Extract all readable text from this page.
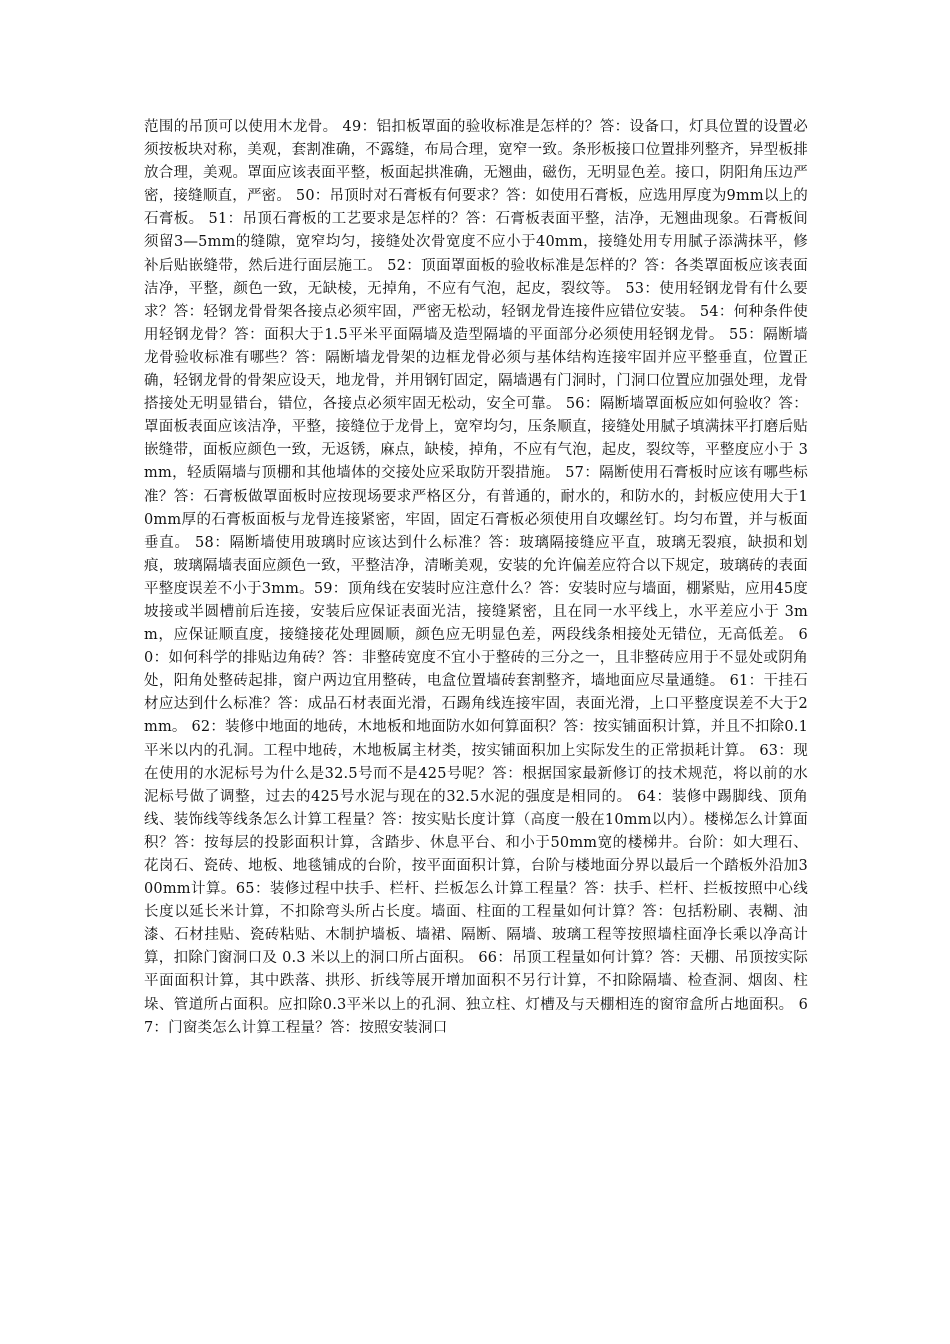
范围的吊顶可以使用木龙骨。 49：铝扣板罩面的验收标准是怎样的？答：设备口，灯具位置的设置必须按板块对称，美观，套割准确，不露缝，布局合理，宽窄一致。条形板接口位置排列整齐，异型板排放合理，美观。罩面应该表面平整，板面起拱准确，无翘曲，磁伤，无明显色差。接口，阴阳角压边严密，接缝顺直，严密。 50：吊顶时对石膏板有何要求？答：如使用石膏板，应选用厚度为9mm以上的石膏板。 51：吊顶石膏板的工艺要求是怎样的？答：石膏板表面平整，洁净，无翘曲现象。石膏板间须留3—5mm的缝隙，宽窄均匀，接缝处次骨宽度不应小于40mm，接缝处用专用腻子添满抹平，修补后贴嵌缝带，然后进行面层施工。 52：顶面罩面板的验收标准是怎样的？答：各类罩面板应该表面洁净，平整，颜色一致，无缺棱，无掉角，不应有气泡，起皮，裂纹等。 53：使用轻钢龙骨有什么要求？答：轻钢龙骨骨架各接点必须牢固，严密无松动，轻钢龙骨连接件应错位安装。 54：何种条件使用轻钢龙骨？答：面积大于1.5平米平面隔墙及造型隔墙的平面部分必须使用轻钢龙骨。 55：隔断墙龙骨验收标准有哪些？答：隔断墙龙骨架的边框龙骨必须与基体结构连接牢固并应平整垂直，位置正确，轻钢龙骨的骨架应设天，地龙骨，并用钢钉固定，隔墙遇有门洞时，门洞口位置应加强处理，龙骨搭接处无明显错台，错位，各接点必须牢固无松动，安全可靠。 56：隔断墙罩面板应如何验收？答：罩面板表面应该洁净，平整，接缝位于龙骨上，宽窄均匀，压条顺直，接缝处用腻子填满抹平打磨后贴嵌缝带，面板应颜色一致，无返锈，麻点，缺棱，掉角，不应有气泡，起皮，裂纹等，平整度应小于 3mm，轻质隔墙与顶棚和其他墙体的交接处应采取防开裂措施。 57：隔断使用石膏板时应该有哪些标准？答：石膏板做罩面板时应按现场要求严格区分，有普通的，耐水的，和防水的，封板应使用大于10mm厚的石膏板面板与龙骨连接紧密，牢固，固定石膏板必须使用自攻螺丝钉。均匀布置，并与板面垂直。 58：隔断墙使用玻璃时应该达到什么标准？答：玻璃隔接缝应平直，玻璃无裂痕，缺损和划痕，玻璃隔墙表面应颜色一致，平整洁净，清晰美观，安装的允许偏差应符合以下规定，玻璃砖的表面平整度误差不小于3mm。59：顶角线在安装时应注意什么？答：安装时应与墙面，棚紧贴，应用45度坡接或半圆槽前后连接，安装后应保证表面光洁，接缝紧密，且在同一水平线上，水平差应小于 3mm，应保证顺直度，接缝接花处理圆顺，颜色应无明显色差，两段线条相接处无错位，无高低差。 60：如何科学的排贴边角砖？答：非整砖宽度不宜小于整砖的三分之一，且非整砖应用于不显处或阴角处，阳角处整砖起排，窗户两边宜用整砖，电盒位置墙砖套割整齐，墙地面应尽量通缝。 61：干挂石材应达到什么标准？答：成品石材表面光滑，石踢角线连接牢固，表面光滑，上口平整度误差不大于2mm。 62：装修中地面的地砖，木地板和地面防水如何算面积？答：按实铺面积计算，并且不扣除0.1平米以内的孔洞。工程中地砖，木地板属主材类，按实铺面积加上实际发生的正常损耗计算。 63：现在使用的水泥标号为什么是32.5号而不是425号呢？答：根据国家最新修订的技术规范，将以前的水泥标号做了调整，过去的425号水泥与现在的32.5水泥的强度是相同的。 64：装修中踢脚线、顶角线、装饰线等线条怎么计算工程量？答：按实贴长度计算（高度一般在10mm以内）。楼梯怎么计算面积？答：按每层的投影面积计算，含踏步、休息平台、和小于50mm宽的楼梯井。台阶：如大理石、花岗石、瓷砖、地板、地毯铺成的台阶，按平面面积计算，台阶与楼地面分界以最后一个踏板外沿加300mm计算。65：装修过程中扶手、栏杆、拦板怎么计算工程量？答：扶手、栏杆、拦板按照中心线长度以延长米计算，不扣除弯头所占长度。墙面、柱面的工程量如何计算？答：包括粉刷、表糊、油漆、石材挂贴、瓷砖粘贴、木制护墙板、墙裙、隔断、隔墙、玻璃工程等按照墙柱面净长乘以净高计算，扣除门窗洞口及 0.3 米以上的洞口所占面积。 66：吊顶工程量如何计算？答：天棚、吊顶按实际平面面积计算，其中跌落、拱形、折线等展开增加面积不另行计算，不扣除隔墙、检查洞、烟囱、柱垛、管道所占面积。应扣除0.3平米以上的孔洞、独立柱、灯槽及与天棚相连的窗帘盒所占地面积。 67：门窗类怎么计算工程量？答：按照安装洞口
